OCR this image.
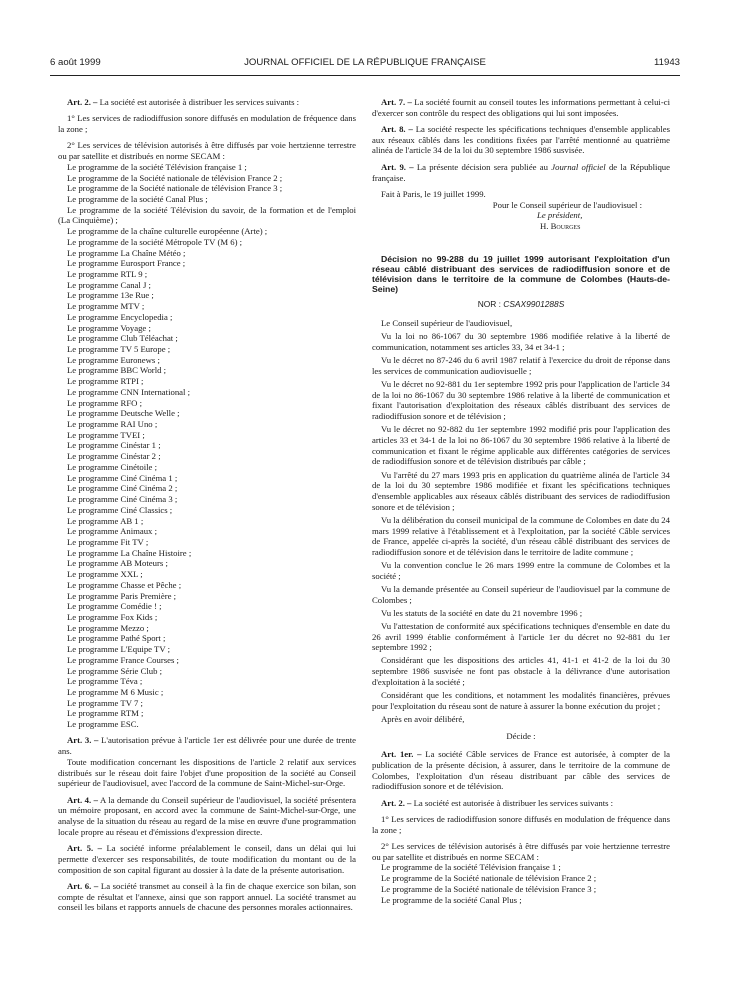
6 août 1999	JOURNAL OFFICIEL DE LA RÉPUBLIQUE FRANÇAISE	11943

Art. 2. – La société est autorisée à distribuer les services suivants :

1° Les services de radiodiffusion sonore diffusés en modulation de fréquence dans la zone ;

2° Les services de télévision autorisés à être diffusés par voie hertzienne terrestre ou par satellite et distribués en norme SECAM :

Le programme de la société Télévision française 1 ;

Le programme de la Société nationale de télévision France 2 ;

Le programme de la Société nationale de télévision France 3 ;

Le programme de la société Canal Plus ;

Le programme de la société Télévision du savoir, de la formation et de l'emploi (La Cinquième) ;

Le programme de la chaîne culturelle européenne (Arte) ;

Le programme de la société Métropole TV (M 6) ;

Le programme La Chaîne Météo ;

Le programme Eurosport France ;

Le programme RTL 9 ;

Le programme Canal J ;

Le programme 13e Rue ;

Le programme MTV ;

Le programme Encyclopedia ;

Le programme Voyage ;

Le programme Club Téléachat ;

Le programme TV 5 Europe ;

Le programme Euronews ;

Le programme BBC World ;

Le programme RTPI ;

Le programme CNN International ;

Le programme RFO ;

Le programme Deutsche Welle ;

Le programme RAI Uno ;

Le programme TVEI ;

Le programme Cinéstar 1 ;

Le programme Cinéstar 2 ;

Le programme Cinétoile ;

Le programme Ciné Cinéma 1 ;

Le programme Ciné Cinéma 2 ;

Le programme Ciné Cinéma 3 ;

Le programme Ciné Classics ;

Le programme AB 1 ;

Le programme Animaux ;

Le programme Fit TV ;

Le programme La Chaîne Histoire ;

Le programme AB Moteurs ;

Le programme XXL ;

Le programme Chasse et Pêche ;

Le programme Paris Première ;

Le programme Comédie ! ;

Le programme Fox Kids ;

Le programme Mezzo ;

Le programme Pathé Sport ;

Le programme L'Equipe TV ;

Le programme France Courses ;

Le programme Série Club ;

Le programme Téva ;

Le programme M 6 Music ;

Le programme TV 7 ;

Le programme RTM ;

Le programme ESC.

Art. 3. – L'autorisation prévue à l'article 1er est délivrée pour une durée de trente ans.

Toute modification concernant les dispositions de l'article 2 relatif aux services distribués sur le réseau doit faire l'objet d'une proposition de la société au Conseil supérieur de l'audiovisuel, avec l'accord de la commune de Saint-Michel-sur-Orge.

Art. 4. – A la demande du Conseil supérieur de l'audiovisuel, la société présentera un mémoire proposant, en accord avec la commune de Saint-Michel-sur-Orge, une analyse de la situation du réseau au regard de la mise en œuvre d'une programmation locale propre au réseau et d'émissions d'expression directe.

Art. 5. – La société informe préalablement le conseil, dans un délai qui lui permette d'exercer ses responsabilités, de toute modification du montant ou de la composition de son capital figurant au dossier à la date de la présente autorisation.

Art. 6. – La société transmet au conseil à la fin de chaque exercice son bilan, son compte de résultat et l'annexe, ainsi que son rapport annuel. La société transmet au conseil les bilans et rapports annuels de chacune des personnes morales actionnaires.

Art. 7. – La société fournit au conseil toutes les informations permettant à celui-ci d'exercer son contrôle du respect des obligations qui lui sont imposées.

Art. 8. – La société respecte les spécifications techniques d'ensemble applicables aux réseaux câblés dans les conditions fixées par l'arrêté mentionné au quatrième alinéa de l'article 34 de la loi du 30 septembre 1986 susvisée.

Art. 9. – La présente décision sera publiée au Journal officiel de la République française.

Fait à Paris, le 19 juillet 1999.

Pour le Conseil supérieur de l'audiovisuel :

Le président,

H. Bourges

Décision no 99-288 du 19 juillet 1999 autorisant l'exploitation d'un réseau câblé distribuant des services de radiodiffusion sonore et de télévision dans le territoire de la commune de Colombes (Hauts-de-Seine)

NOR : CSAX9901288S

Le Conseil supérieur de l'audiovisuel,

Vu la loi no 86-1067 du 30 septembre 1986 modifiée relative à la liberté de communication, notamment ses articles 33, 34 et 34-1 ;

Vu le décret no 87-246 du 6 avril 1987 relatif à l'exercice du droit de réponse dans les services de communication audiovisuelle ;

Vu le décret no 92-881 du 1er septembre 1992 pris pour l'application de l'article 34 de la loi no 86-1067 du 30 septembre 1986 relative à la liberté de communication et fixant l'autorisation d'exploitation des réseaux câblés distribuant des services de radiodiffusion sonore et de télévision ;

Vu le décret no 92-882 du 1er septembre 1992 modifié pris pour l'application des articles 33 et 34-1 de la loi no 86-1067 du 30 septembre 1986 relative à la liberté de communication et fixant le régime applicable aux différentes catégories de services de radiodiffusion sonore et de télévision distribués par câble ;

Vu l'arrêté du 27 mars 1993 pris en application du quatrième alinéa de l'article 34 de la loi du 30 septembre 1986 modifiée et fixant les spécifications techniques d'ensemble applicables aux réseaux câblés distribuant des services de radiodiffusion sonore et de télévision ;

Vu la délibération du conseil municipal de la commune de Colombes en date du 24 mars 1999 relative à l'établissement et à l'exploitation, par la société Câble services de France, appelée ci-après la société, d'un réseau câblé distribuant des services de radiodiffusion sonore et de télévision dans le territoire de ladite commune ;

Vu la convention conclue le 26 mars 1999 entre la commune de Colombes et la société ;

Vu la demande présentée au Conseil supérieur de l'audiovisuel par la commune de Colombes ;

Vu les statuts de la société en date du 21 novembre 1996 ;

Vu l'attestation de conformité aux spécifications techniques d'ensemble en date du 26 avril 1999 établie conformément à l'article 1er du décret no 92-881 du 1er septembre 1992 ;

Considérant que les dispositions des articles 41, 41-1 et 41-2 de la loi du 30 septembre 1986 susvisée ne font pas obstacle à la délivrance d'une autorisation d'exploitation à la société ;

Considérant que les conditions, et notamment les modalités financières, prévues pour l'exploitation du réseau sont de nature à assurer la bonne exécution du projet ;

Après en avoir délibéré,

Décide :

Art. 1er. – La société Câble services de France est autorisée, à compter de la publication de la présente décision, à assurer, dans le territoire de la commune de Colombes, l'exploitation d'un réseau distribuant par câble des services de radiodiffusion sonore et de télévision.

Art. 2. – La société est autorisée à distribuer les services suivants :

1° Les services de radiodiffusion sonore diffusés en modulation de fréquence dans la zone ;

2° Les services de télévision autorisés à être diffusés par voie hertzienne terrestre ou par satellite et distribués en norme SECAM :

Le programme de la société Télévision française 1 ;

Le programme de la Société nationale de télévision France 2 ;

Le programme de la Société nationale de télévision France 3 ;

Le programme de la société Canal Plus ;
